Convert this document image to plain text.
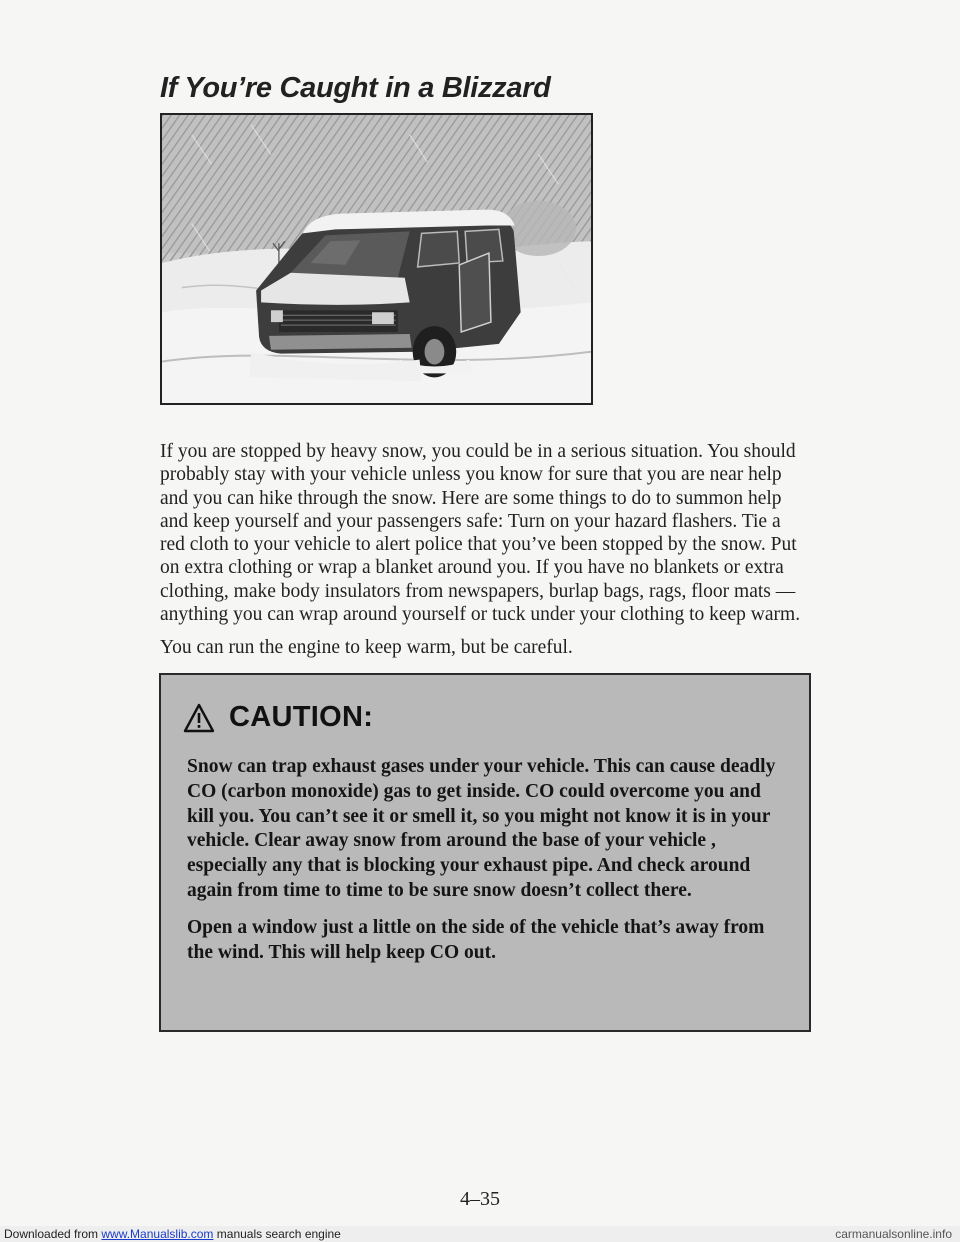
If You’re Caught in a Blizzard

If you are stopped by heavy snow, you could be in a serious situation. You should probably stay with your vehicle unless you know for sure that you are near help and you can hike through the snow. Here are some things to do to summon help and keep yourself and your passengers safe: Turn on your hazard flashers. Tie a red cloth to your vehicle to alert police that you’ve been stopped by the snow. Put on extra clothing or wrap a blanket around you. If you have no blankets or extra clothing, make body insulators from newspapers, burlap bags, rags, floor mats — anything you can wrap around yourself or tuck under your clothing to keep warm.

You can run the engine to keep warm, but be careful.

CAUTION:

Snow can trap exhaust gases under your vehicle. This can cause deadly CO (carbon monoxide) gas to get inside. CO could overcome you and kill you. You can’t see it or smell it, so you might not know it is in your vehicle. Clear away snow from around the base of your vehicle , especially any that is blocking your exhaust pipe. And check around again from time to time to be sure snow doesn’t collect there.

Open a window just a little on the side of the vehicle that’s away from the wind. This will help keep CO out.

4–35
Downloaded from www.Manualslib.com manuals search engine	carmanualsonline.info
